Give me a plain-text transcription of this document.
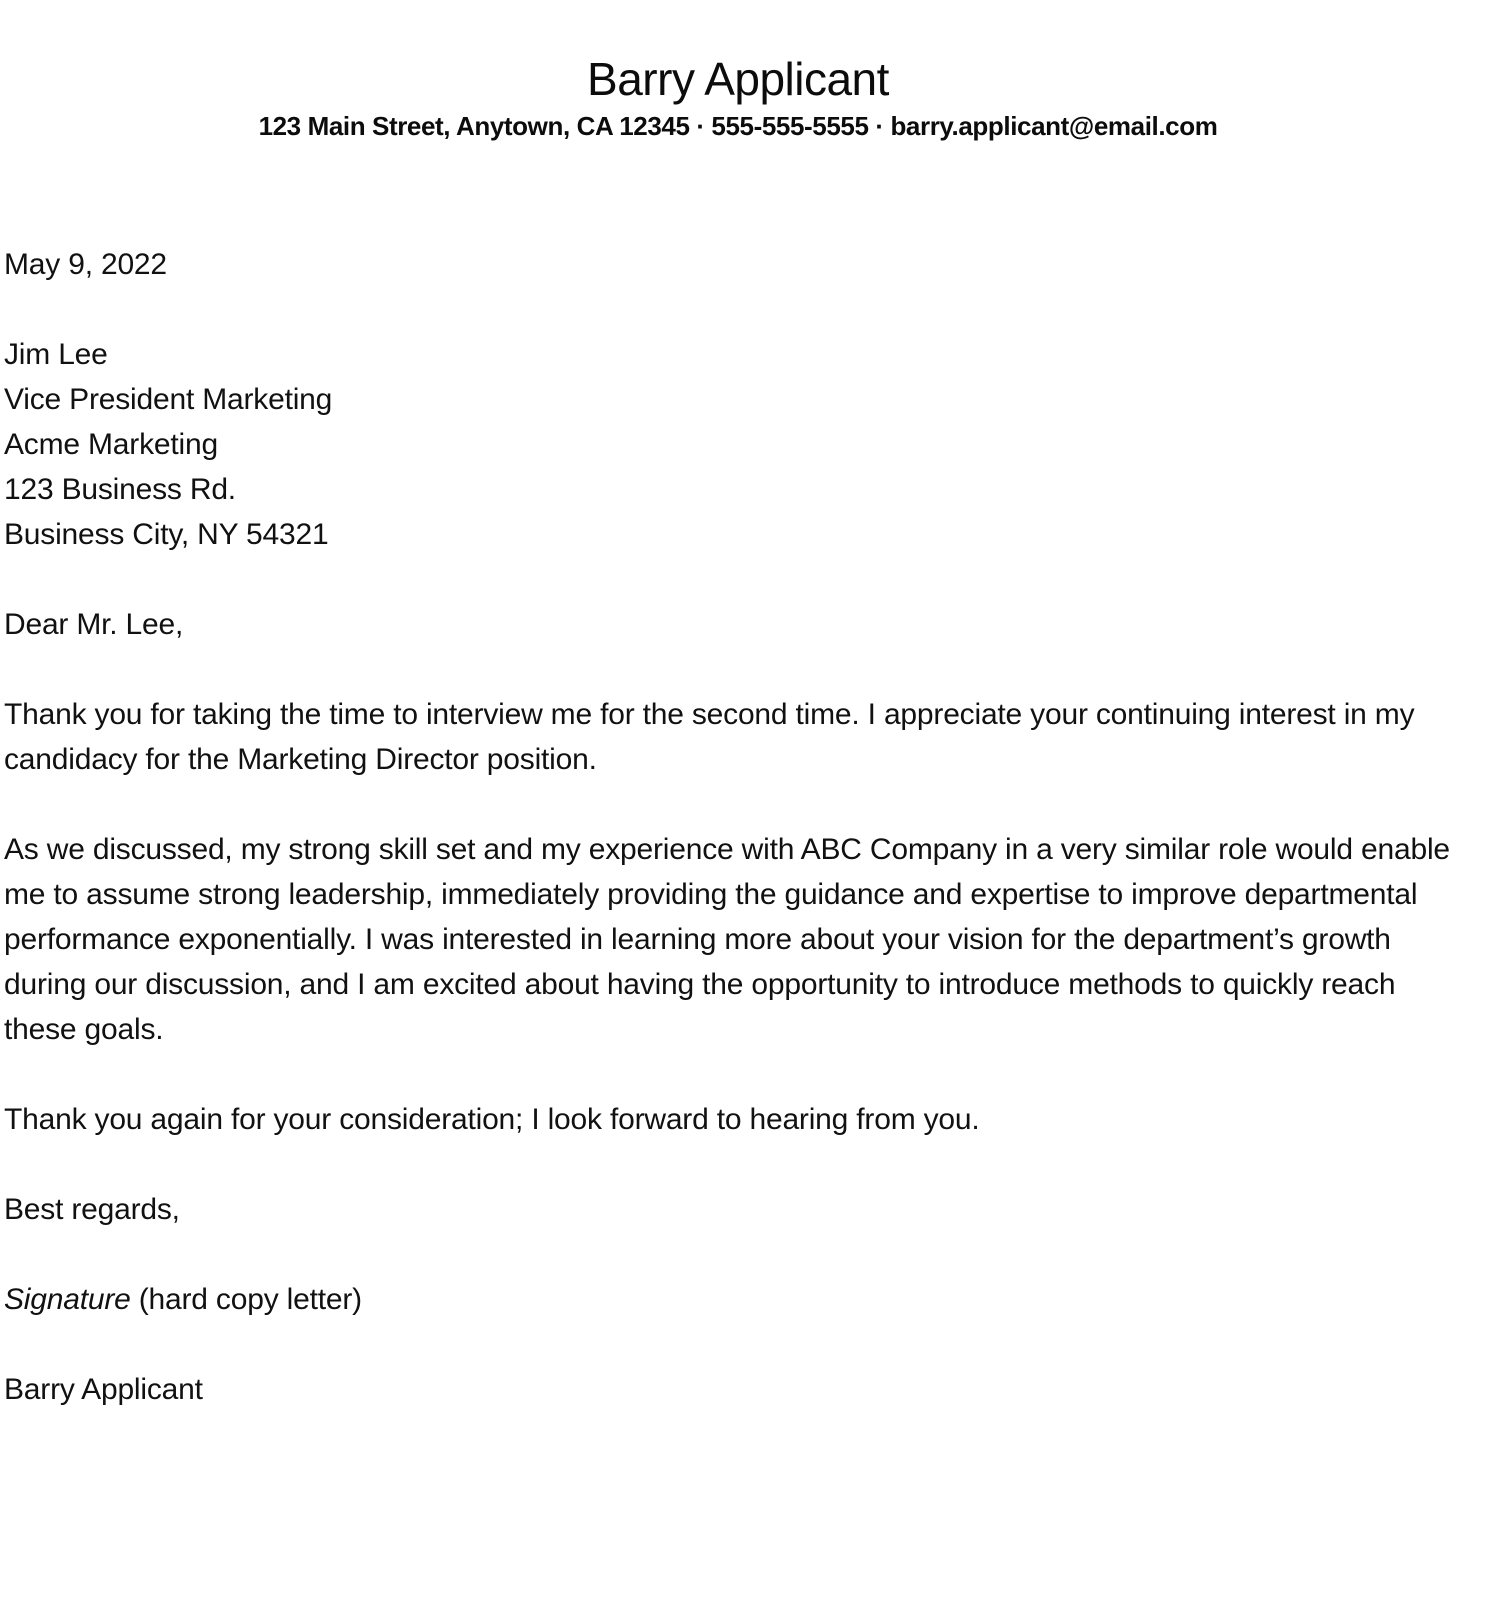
Barry Applicant
123 Main Street, Anytown, CA 12345 · 555-555-5555 · barry.applicant@email.com

May 9, 2022

Jim Lee
Vice President Marketing
Acme Marketing
123 Business Rd.
Business City, NY 54321

Dear Mr. Lee,

Thank you for taking the time to interview me for the second time. I appreciate your continuing interest in my candidacy for the Marketing Director position.

As we discussed, my strong skill set and my experience with ABC Company in a very similar role would enable me to assume strong leadership, immediately providing the guidance and expertise to improve departmental performance exponentially. I was interested in learning more about your vision for the department’s growth during our discussion, and I am excited about having the opportunity to introduce methods to quickly reach these goals.

Thank you again for your consideration; I look forward to hearing from you.

Best regards,

Signature (hard copy letter)

Barry Applicant
